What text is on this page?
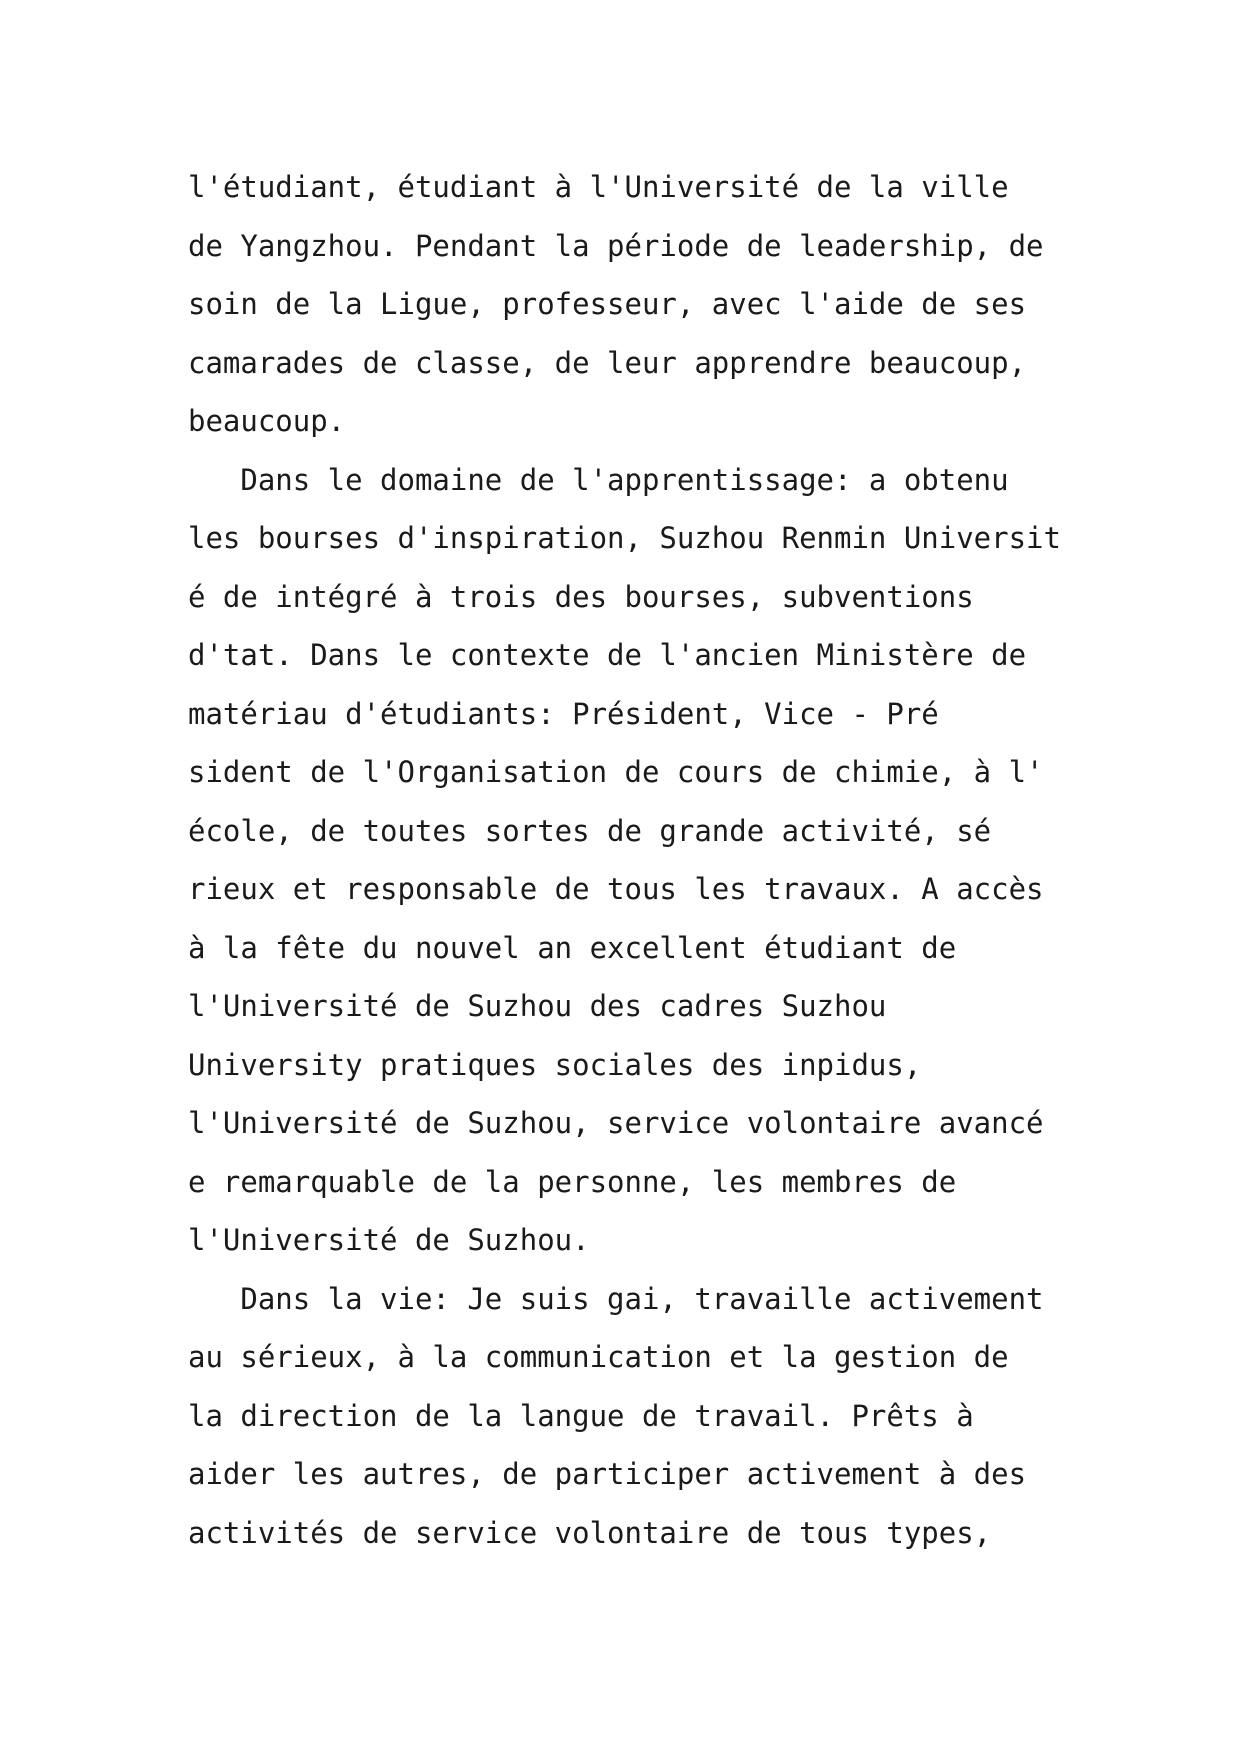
l'étudiant, étudiant à l'Université de la ville
de Yangzhou. Pendant la période de leadership, de
soin de la Ligue, professeur, avec l'aide de ses
camarades de classe, de leur apprendre beaucoup,
beaucoup.
Dans le domaine de l'apprentissage: a obtenu
les bourses d'inspiration, Suzhou Renmin Universit
é de intégré à trois des bourses, subventions
d'tat. Dans le contexte de l'ancien Ministère de
matériau d'étudiants: Président, Vice - Pré
sident de l'Organisation de cours de chimie, à l'
école, de toutes sortes de grande activité, sé
rieux et responsable de tous les travaux. A accès
à la fête du nouvel an excellent étudiant de
l'Université de Suzhou des cadres Suzhou
University pratiques sociales des inpidus,
l'Université de Suzhou, service volontaire avancé
e remarquable de la personne, les membres de
l'Université de Suzhou.
Dans la vie: Je suis gai, travaille activement
au sérieux, à la communication et la gestion de
la direction de la langue de travail. Prêts à
aider les autres, de participer activement à des
activités de service volontaire de tous types,
